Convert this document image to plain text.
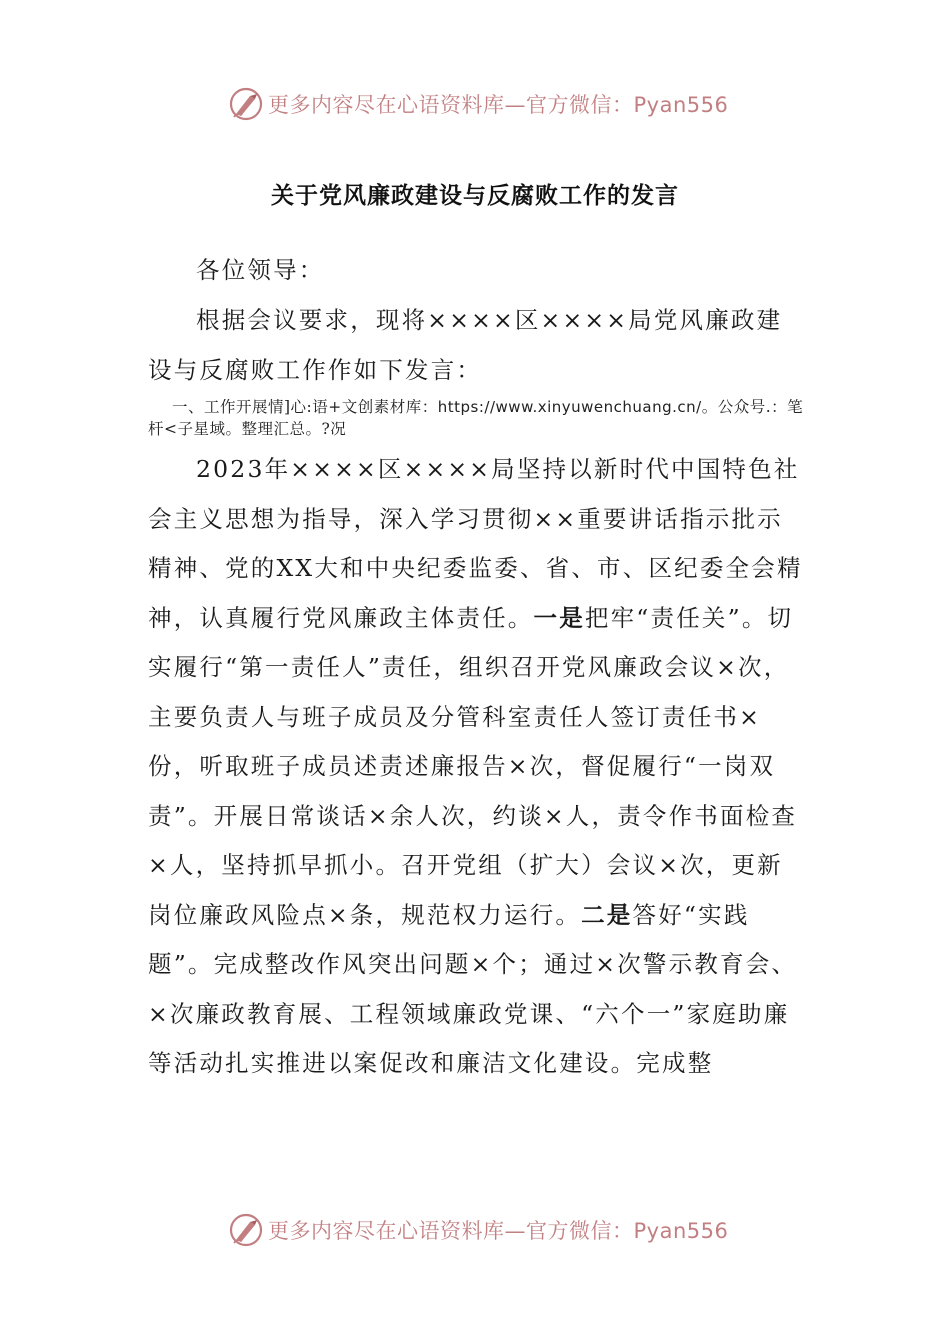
更多内容尽在心语资料库—官方微信：Pyan556
关于党风廉政建设与反腐败工作的发言

各位领导：

根据会议要求，现将××××区××××局党风廉政建设与反腐败工作作如下发言：

一、工作开展情]心:语+文创素材库：https://www.xinyuwenchuang.cn/。公众号.：笔杆<子星域。整理汇总。?况

2023年××××区××××局坚持以新时代中国特色社会主义思想为指导，深入学习贯彻××重要讲话指示批示精神、党的XX大和中央纪委监委、省、市、区纪委全会精神，认真履行党风廉政主体责任。一是把牢“责任关”。切实履行“第一责任人”责任，组织召开党风廉政会议×次，主要负责人与班子成员及分管科室责任人签订责任书×份，听取班子成员述责述廉报告×次，督促履行“一岗双责”。开展日常谈话×余人次，约谈×人，责令作书面检查×人，坚持抓早抓小。召开党组（扩大）会议×次，更新岗位廉政风险点×条，规范权力运行。二是答好“实践题”。完成整改作风突出问题×个；通过×次警示教育会、×次廉政教育展、工程领域廉政党课、“六个一”家庭助廉等活动扎实推进以案促改和廉洁文化建设。完成整

更多内容尽在心语资料库—官方微信：Pyan556
